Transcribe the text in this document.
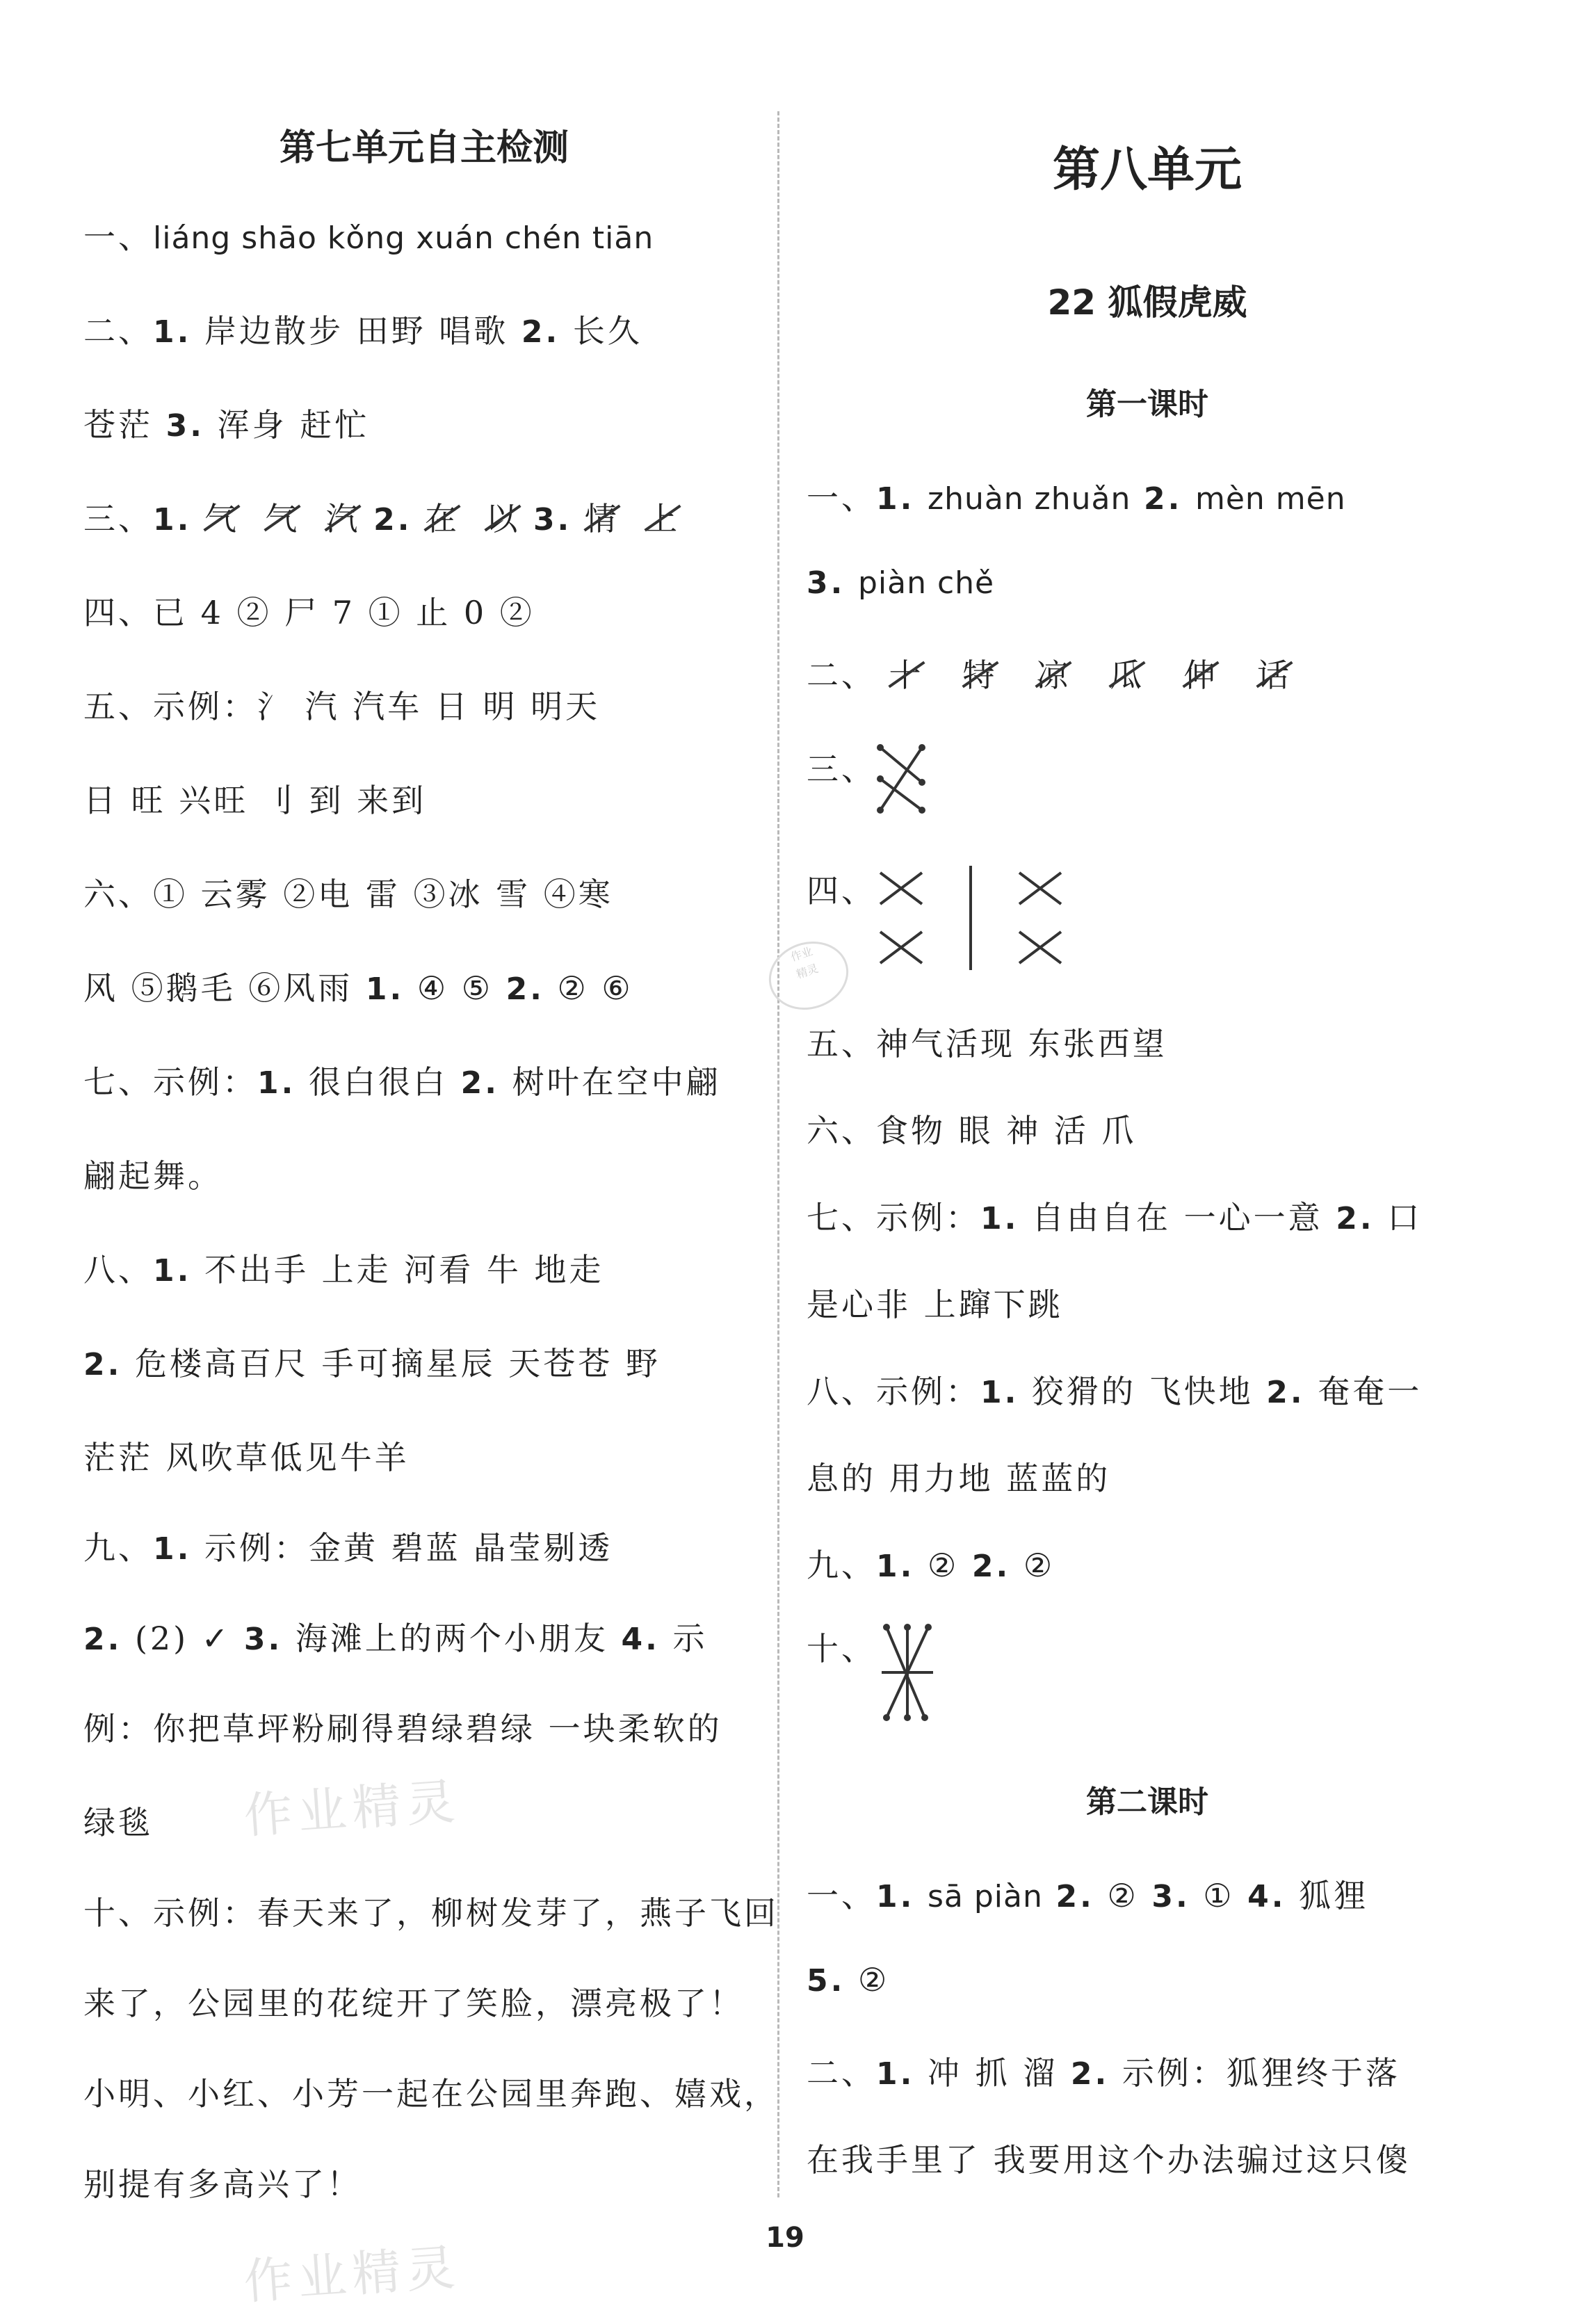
第七单元自主检测
一、liáng shāo kǒng xuán chén tiān
二、1. 岸边散步 田野 唱歌 2. 长久
苍茫 3. 浑身 赶忙
三、1. 气 气 汽 2. 在 以 3. 情 上
四、已 4 ② 尸 7 ① 止 0 ②
五、示例：氵 汽 汽车 日 明 明天
日 旺 兴旺 刂 到 来到
六、① 云雾 ②电 雷 ③冰 雪 ④寒
风 ⑤鹅毛 ⑥风雨 1. ④ ⑤ 2. ② ⑥
七、示例：1. 很白很白 2. 树叶在空中翩
翩起舞。
八、1. 不出手 上走 河看 牛 地走
2. 危楼高百尺 手可摘星辰 天苍苍 野
茫茫 风吹草低见牛羊
九、1. 示例：金黄 碧蓝 晶莹剔透
2. (2) ✓ 3. 海滩上的两个小朋友 4. 示
例：你把草坪粉刷得碧绿碧绿 一块柔软的
绿毯
十、示例：春天来了，柳树发芽了，燕子飞回
来了，公园里的花绽开了笑脸，漂亮极了！
小明、小红、小芳一起在公园里奔跑、嬉戏，
别提有多高兴了！
作业精灵
作业精灵
第八单元
22 狐假虎威
第一课时
一、1. zhuàn zhuǎn 2. mèn mēn
3. piàn chě
二、 十 特 凉 瓜 伸 话
三、
四、
五、神气活现 东张西望
六、食物 眼 神 活 爪
七、示例：1. 自由自在 一心一意 2. 口
是心非 上蹿下跳
八、示例：1. 狡猾的 飞快地 2. 奄奄一
息的 用力地 蓝蓝的
九、1. ② 2. ②
十、
第二课时
一、1. sā piàn 2. ② 3. ① 4. 狐狸
5. ②
二、1. 冲 抓 溜 2. 示例：狐狸终于落
在我手里了 我要用这个办法骗过这只傻
作业
精灵
19
